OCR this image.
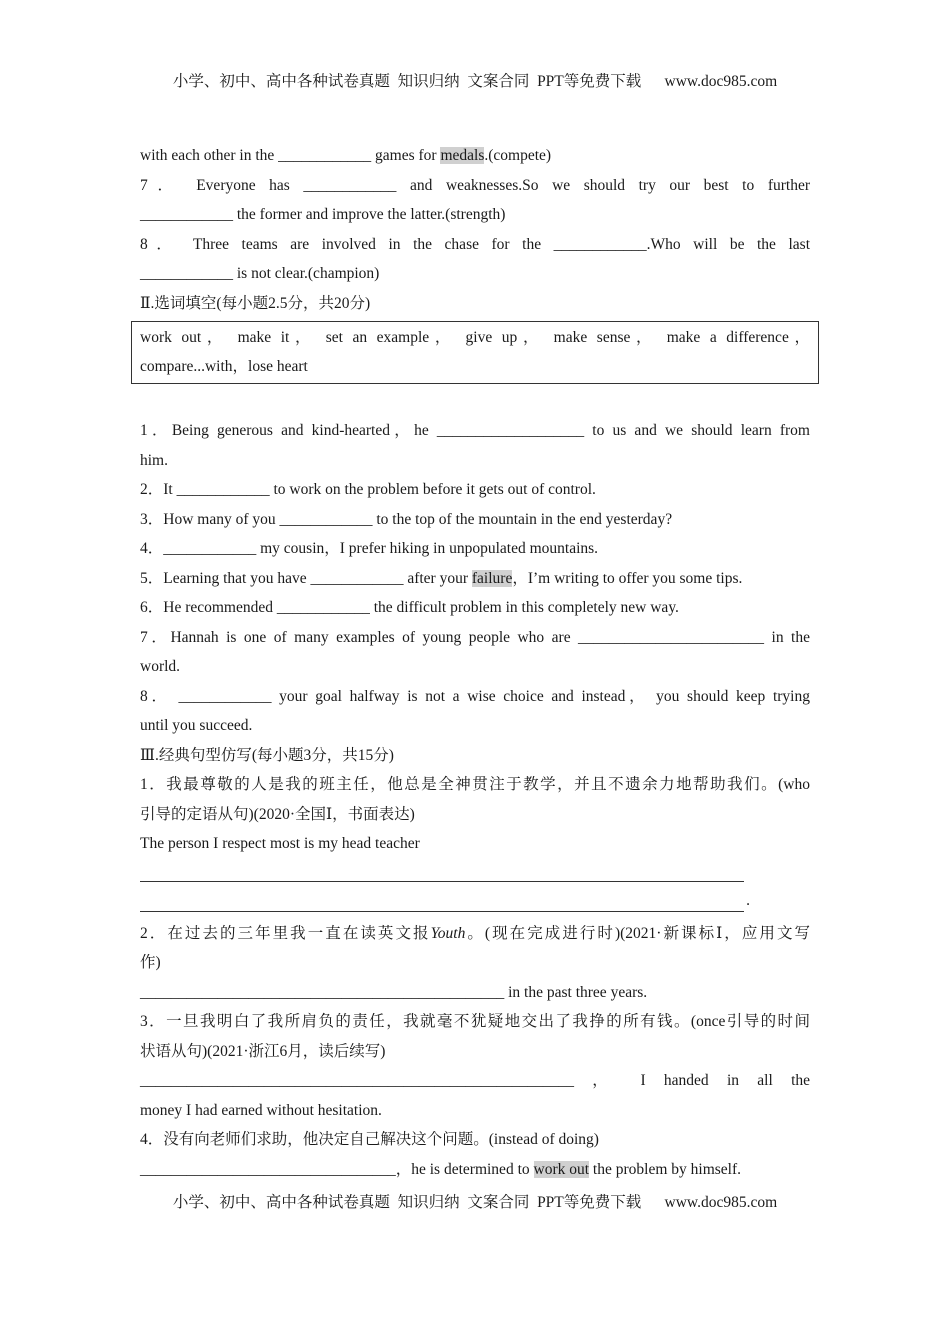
小学、初中、高中各种试卷真题  知识归纳  文案合同  PPT等免费下载      www.doc985.com

with each other in the ____________ games for medals.(compete)

7． Everyone has ____________ and weaknesses.So we should try our best to further

____________ the former and improve the latter.(strength)

8． Three teams are involved in the chase for the ____________.Who will be the last

____________ is not clear.(champion)

Ⅱ.选词填空(每小题2.5分，共20分)

work out， make it， set an example， give up， make sense， make a difference，
compare...with，lose heart

1．Being generous and kind-hearted，he ___________________ to us and we should learn from

him.

2．It ____________ to work on the problem before it gets out of control.

3．How many of you ____________ to the top of the mountain in the end yesterday?

4．____________ my cousin，I prefer hiking in unpopulated mountains.

5．Learning that you have ____________ after your failure，I’m writing to offer you some tips.

6．He recommended ____________ the difficult problem in this completely new way.

7．Hannah is one of many examples of young people who are ________________________ in the

world.

8． ____________ your goal halfway is not a wise choice and instead， you should keep trying

until you succeed.

Ⅲ.经典句型仿写(每小题3分，共15分)

1．我最尊敬的人是我的班主任，他总是全神贯注于教学，并且不遗余力地帮助我们。(who

引导的定语从句)(2020·全国Ⅰ，书面表达)

The person I respect most is my head teacher

.

2．在过去的三年里我一直在读英文报Youth。(现在完成进行时)(2021·新课标Ⅰ，应用文写

作)

_______________________________________________ in the past three years.

3．一旦我明白了我所肩负的责任，我就毫不犹疑地交出了我挣的所有钱。(once引导的时间

状语从句)(2021·浙江6月，读后续写)

________________________________________________________ ， I handed in all the

money I had earned without hesitation.

4．没有向老师们求助，他决定自己解决这个问题。(instead of doing)

_________________________________，he is determined to work out the problem by himself.

小学、初中、高中各种试卷真题  知识归纳  文案合同  PPT等免费下载      www.doc985.com
